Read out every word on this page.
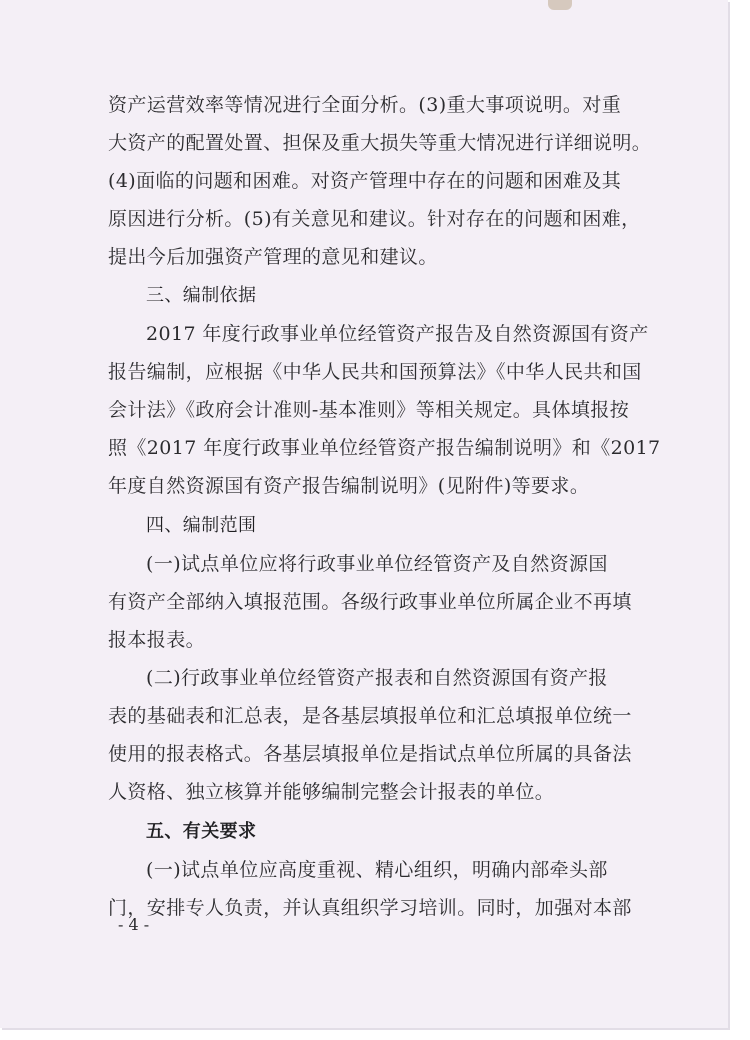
资产运营效率等情况进行全面分析。(3)重大事项说明。对重

大资产的配置处置、担保及重大损失等重大情况进行详细说明。

(4)面临的问题和困难。对资产管理中存在的问题和困难及其

原因进行分析。(5)有关意见和建议。针对存在的问题和困难，

提出今后加强资产管理的意见和建议。

三、编制依据

2017 年度行政事业单位经管资产报告及自然资源国有资产

报告编制，应根据《中华人民共和国预算法》《中华人民共和国

会计法》《政府会计准则-基本准则》等相关规定。具体填报按

照《2017 年度行政事业单位经管资产报告编制说明》和《2017

年度自然资源国有资产报告编制说明》(见附件)等要求。

四、编制范围

(一)试点单位应将行政事业单位经管资产及自然资源国

有资产全部纳入填报范围。各级行政事业单位所属企业不再填

报本报表。

(二)行政事业单位经管资产报表和自然资源国有资产报

表的基础表和汇总表，是各基层填报单位和汇总填报单位统一

使用的报表格式。各基层填报单位是指试点单位所属的具备法

人资格、独立核算并能够编制完整会计报表的单位。

五、有关要求

(一)试点单位应高度重视、精心组织，明确内部牵头部

门，安排专人负责，并认真组织学习培训。同时，加强对本部

- 4 -
